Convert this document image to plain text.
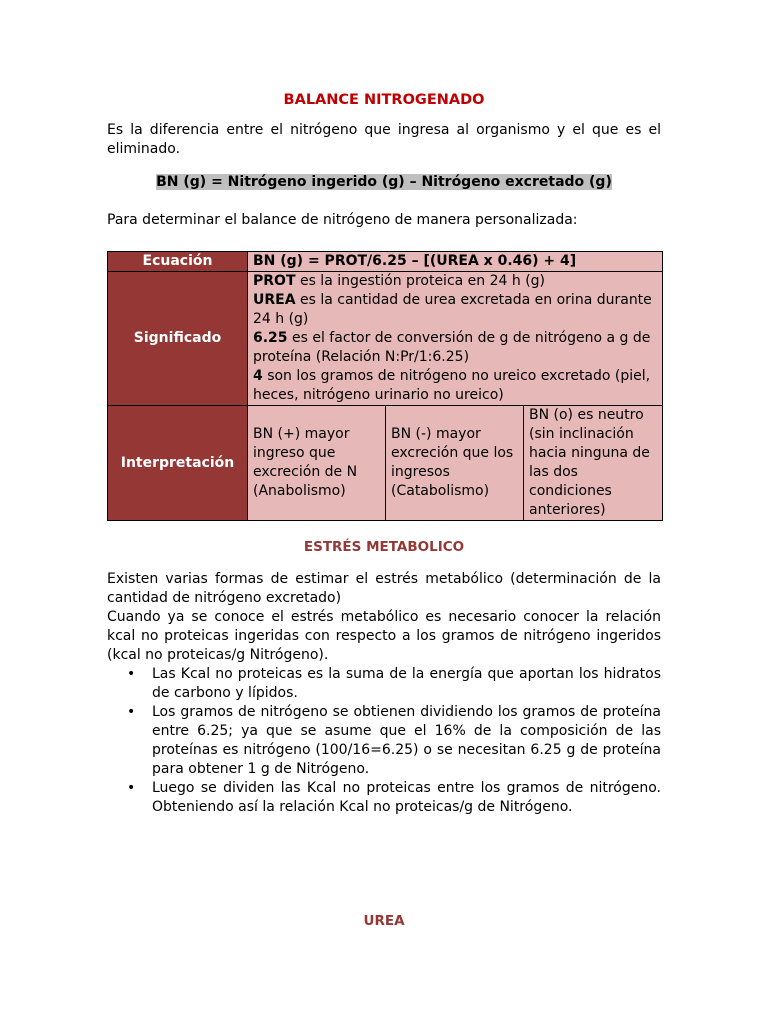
BALANCE NITROGENADO
Es la diferencia entre el nitrógeno que ingresa al organismo y el que es el eliminado.
BN (g) = Nitrógeno ingerido (g) – Nitrógeno excretado (g)
Para determinar el balance de nitrógeno de manera personalizada:
Ecuación	BN (g) = PROT/6.25 – [(UREA x 0.46) + 4]		
Significado	PROT es la ingestión proteica en 24 h (g)
UREA es la cantidad de urea excretada en orina durante 24 h (g)
6.25 es el factor de conversión de g de nitrógeno a g de proteína (Relación N:Pr/1:6.25)
4 son los gramos de nitrógeno no ureico excretado (piel, heces, nitrógeno urinario no ureico)		

Interpretación	BN (+) mayor ingreso que excreción de N (Anabolismo)	BN (-) mayor excreción que los ingresos (Catabolismo)	BN (o) es neutro (sin inclinación hacia ninguna de las dos condiciones anteriores)
ESTRÉS METABOLICO
Existen varias formas de estimar el estrés metabólico (determinación de la cantidad de nitrógeno excretado)
Cuando ya se conoce el estrés metabólico es necesario conocer la relación kcal no proteicas ingeridas con respecto a los gramos de nitrógeno ingeridos (kcal no proteicas/g Nitrógeno).
• Las Kcal no proteicas es la suma de la energía que aportan los hidratos de carbono y lípidos.
• Los gramos de nitrógeno se obtienen dividiendo los gramos de proteína entre 6.25; ya que se asume que el 16% de la composición de las proteínas es nitrógeno (100/16=6.25) o se necesitan 6.25 g de proteína para obtener 1 g de Nitrógeno.
• Luego se dividen las Kcal no proteicas entre los gramos de nitrógeno. Obteniendo así la relación Kcal no proteicas/g de Nitrógeno.
UREA
